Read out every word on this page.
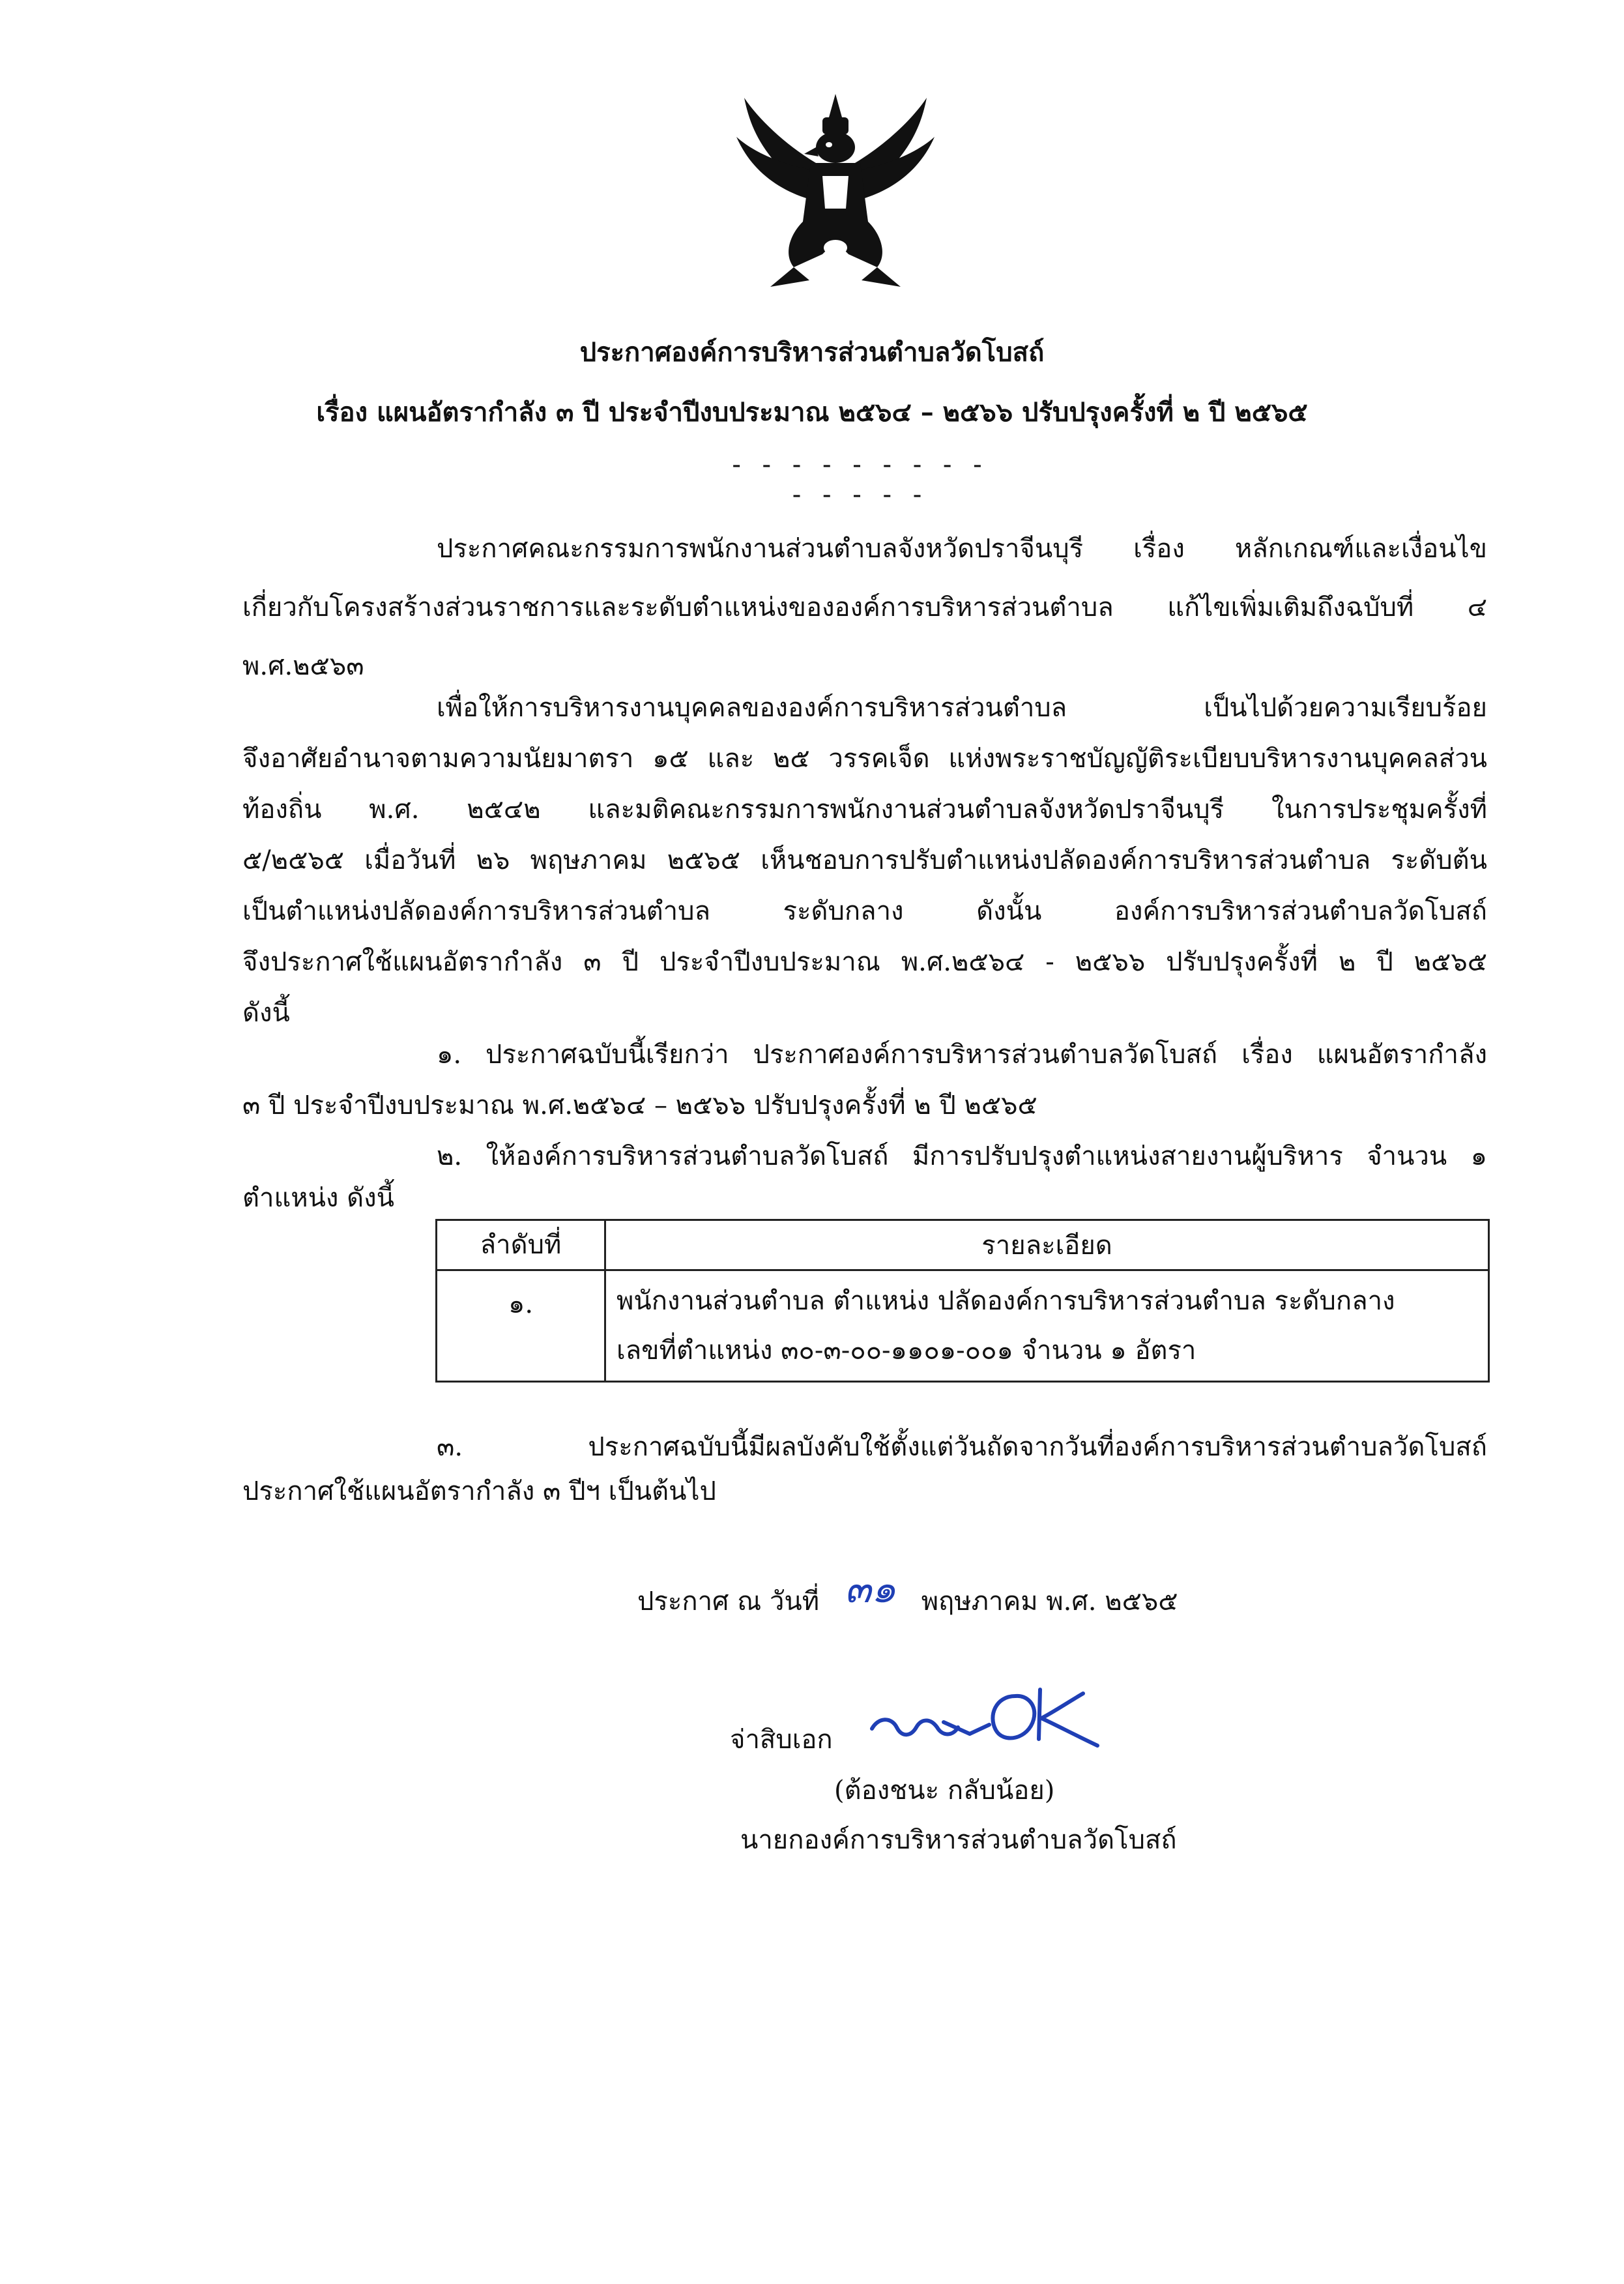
ประกาศองค์การบริหารส่วนตำบลวัดโบสถ์
เรื่อง แผนอัตรากำลัง ๓ ปี ประจำปีงบประมาณ ๒๕๖๔ – ๒๕๖๖ ปรับปรุงครั้งที่ ๒ ปี ๒๕๖๕
- - - - - - - - - - - - - -
ประกาศคณะกรรมการพนักงานส่วนตำบลจังหวัดปราจีนบุรี เรื่อง หลักเกณฑ์และเงื่อนไข
เกี่ยวกับโครงสร้างส่วนราชการและระดับตำแหน่งขององค์การบริหารส่วนตำบล แก้ไขเพิ่มเติมถึงฉบับที่ ๔
พ.ศ.๒๕๖๓
เพื่อให้การบริหารงานบุคคลขององค์การบริหารส่วนตำบล เป็นไปด้วยความเรียบร้อย
จึงอาศัยอำนาจตามความนัยมาตรา ๑๕ และ ๒๕ วรรคเจ็ด แห่งพระราชบัญญัติระเบียบบริหารงานบุคคลส่วน
ท้องถิ่น พ.ศ. ๒๕๔๒ และมติคณะกรรมการพนักงานส่วนตำบลจังหวัดปราจีนบุรี ในการประชุมครั้งที่
๕/๒๕๖๕ เมื่อวันที่ ๒๖ พฤษภาคม ๒๕๖๕ เห็นชอบการปรับตำแหน่งปลัดองค์การบริหารส่วนตำบล ระดับต้น
เป็นตำแหน่งปลัดองค์การบริหารส่วนตำบล ระดับกลาง ดังนั้น องค์การบริหารส่วนตำบลวัดโบสถ์
จึงประกาศใช้แผนอัตรากำลัง ๓ ปี ประจำปีงบประมาณ พ.ศ.๒๕๖๔ - ๒๕๖๖ ปรับปรุงครั้งที่ ๒ ปี ๒๕๖๕
ดังนี้
๑. ประกาศฉบับนี้เรียกว่า ประกาศองค์การบริหารส่วนตำบลวัดโบสถ์ เรื่อง แผนอัตรากำลัง
๓ ปี ประจำปีงบประมาณ พ.ศ.๒๕๖๔ – ๒๕๖๖ ปรับปรุงครั้งที่ ๒ ปี ๒๕๖๕
๒. ให้องค์การบริหารส่วนตำบลวัดโบสถ์ มีการปรับปรุงตำแหน่งสายงานผู้บริหาร จำนวน ๑
ตำแหน่ง ดังนี้
ลำดับที่	รายละเอียด
๑.	พนักงานส่วนตำบล ตำแหน่ง ปลัดองค์การบริหารส่วนตำบล ระดับกลาง
เลขที่ตำแหน่ง ๓๐-๓-๐๐-๑๑๐๑-๐๐๑ จำนวน ๑ อัตรา
๓. ประกาศฉบับนี้มีผลบังคับใช้ตั้งแต่วันถัดจากวันที่องค์การบริหารส่วนตำบลวัดโบสถ์
ประกาศใช้แผนอัตรากำลัง ๓ ปีฯ เป็นต้นไป
ประกาศ ณ วันที่ ๓๑ พฤษภาคม พ.ศ. ๒๕๖๕
จ่าสิบเอก
(ต้องชนะ กลับน้อย)
นายกองค์การบริหารส่วนตำบลวัดโบสถ์
